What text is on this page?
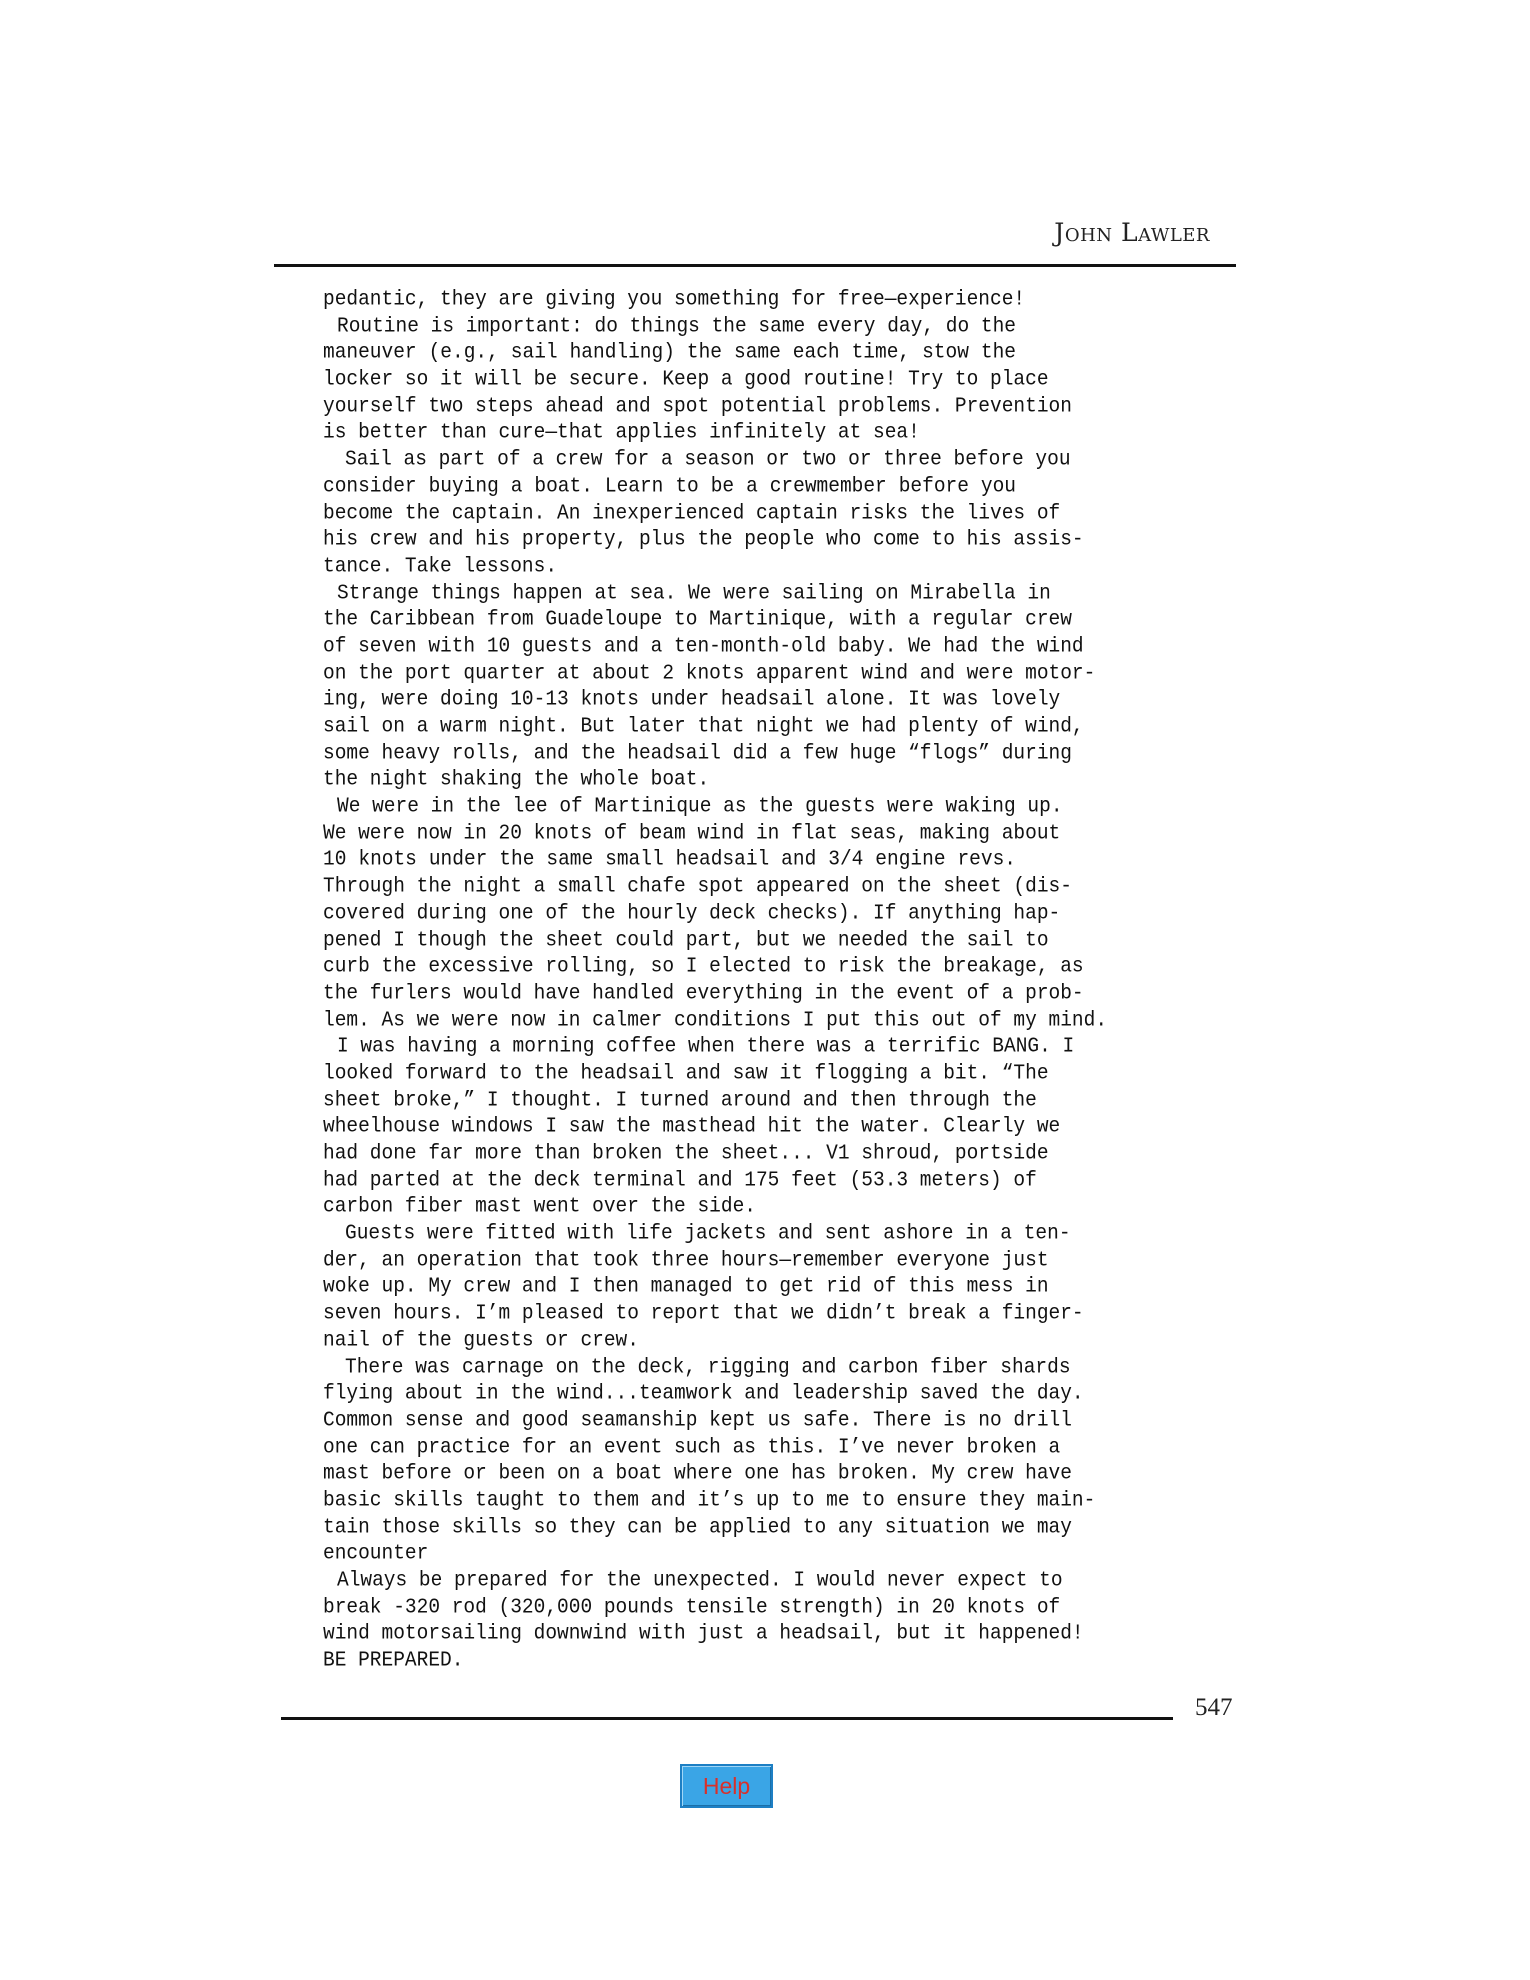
John Lawler
pedantic, they are giving you something for free—experience!
Routine is important: do things the same every day, do the
maneuver (e.g., sail handling) the same each time, stow the
locker so it will be secure. Keep a good routine! Try to place
yourself two steps ahead and spot potential problems. Prevention
is better than cure—that applies infinitely at sea!
Sail as part of a crew for a season or two or three before you
consider buying a boat. Learn to be a crewmember before you
become the captain. An inexperienced captain risks the lives of
his crew and his property, plus the people who come to his assis-
tance. Take lessons.
Strange things happen at sea. We were sailing on Mirabella in
the Caribbean from Guadeloupe to Martinique, with a regular crew
of seven with 10 guests and a ten-month-old baby. We had the wind
on the port quarter at about 2 knots apparent wind and were motor-
ing, were doing 10-13 knots under headsail alone. It was lovely
sail on a warm night. But later that night we had plenty of wind,
some heavy rolls, and the headsail did a few huge “flogs” during
the night shaking the whole boat.
We were in the lee of Martinique as the guests were waking up.
We were now in 20 knots of beam wind in flat seas, making about
10 knots under the same small headsail and 3/4 engine revs.
Through the night a small chafe spot appeared on the sheet (dis-
covered during one of the hourly deck checks). If anything hap-
pened I though the sheet could part, but we needed the sail to
curb the excessive rolling, so I elected to risk the breakage, as
the furlers would have handled everything in the event of a prob-
lem. As we were now in calmer conditions I put this out of my mind.
I was having a morning coffee when there was a terrific BANG. I
looked forward to the headsail and saw it flogging a bit. “The
sheet broke,” I thought. I turned around and then through the
wheelhouse windows I saw the masthead hit the water. Clearly we
had done far more than broken the sheet... V1 shroud, portside
had parted at the deck terminal and 175 feet (53.3 meters) of
carbon fiber mast went over the side.
Guests were fitted with life jackets and sent ashore in a ten-
der, an operation that took three hours—remember everyone just
woke up. My crew and I then managed to get rid of this mess in
seven hours. I’m pleased to report that we didn’t break a finger-
nail of the guests or crew.
There was carnage on the deck, rigging and carbon fiber shards
flying about in the wind...teamwork and leadership saved the day.
Common sense and good seamanship kept us safe. There is no drill
one can practice for an event such as this. I’ve never broken a
mast before or been on a boat where one has broken. My crew have
basic skills taught to them and it’s up to me to ensure they main-
tain those skills so they can be applied to any situation we may
encounter
Always be prepared for the unexpected. I would never expect to
break -320 rod (320,000 pounds tensile strength) in 20 knots of
wind motorsailing downwind with just a headsail, but it happened!
BE PREPARED.
547
Help
